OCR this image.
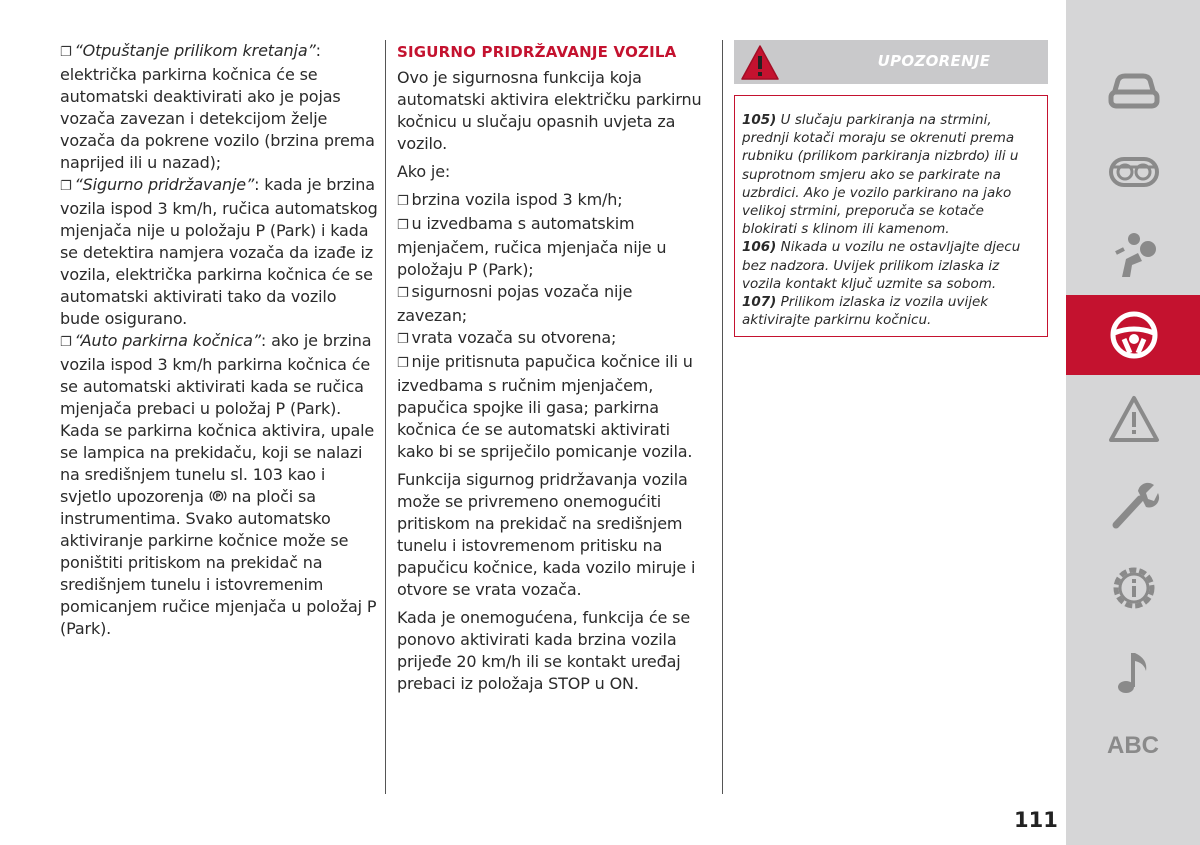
❐ “Otpuštanje prilikom kretanja”: električka parkirna kočnica će se automatski deaktivirati ako je pojas vozača zavezan i detekcijom želje vozača da pokrene vozilo (brzina prema naprijed ili u nazad);

❐ “Sigurno pridržavanje”: kada je brzina vozila ispod 3 km/h, ručica automatskog mjenjača nije u položaju P (Park) i kada se detektira namjera vozača da izađe iz vozila, električka parkirna kočnica će se automatski aktivirati tako da vozilo bude osigurano.

❐ “Auto parkirna kočnica”: ako je brzina vozila ispod 3 km/h parkirna kočnica će se automatski aktivirati kada se ručica mjenjača prebaci u položaj P (Park). Kada se parkirna kočnica aktivira, upale se lampica na prekidaču, koji se nalazi na središnjem tunelu sl. 103 kao i svjetlo upozorenja P na ploči sa instrumentima. Svako automatsko aktiviranje parkirne kočnice može se poništiti pritiskom na prekidač na središnjem tunelu i istovremenim pomicanjem ručice mjenjača u položaj P (Park).

SIGURNO PRIDRŽAVANJE VOZILA

Ovo je sigurnosna funkcija koja automatski aktivira električku parkirnu kočnicu u slučaju opasnih uvjeta za vozilo.

Ako je:

❐ brzina vozila ispod 3 km/h;

❐ u izvedbama s automatskim mjenjačem, ručica mjenjača nije u položaju P (Park);

❐ sigurnosni pojas vozača nije zavezan;

❐ vrata vozača su otvorena;

❐ nije pritisnuta papučica kočnice ili u izvedbama s ručnim mjenjačem, papučica spojke ili gasa; parkirna kočnica će se automatski aktivirati kako bi se spriječilo pomicanje vozila.

Funkcija sigurnog pridržavanja vozila može se privremeno onemogućiti pritiskom na prekidač na središnjem tunelu i istovremenom pritisku na papučicu kočnice, kada vozilo miruje i otvore se vrata vozača.

Kada je onemogućena, funkcija će se ponovo aktivirati kada brzina vozila prijeđe 20 km/h ili se kontakt uređaj prebaci iz položaja STOP u ON.

UPOZORENJE
105) U slučaju parkiranja na strmini, prednji kotači moraju se okrenuti prema rubniku (prilikom parkiranja nizbrdo) ili u suprotnom smjeru ako se parkirate na uzbrdici. Ako je vozilo parkirano na jako velikoj strmini, preporuča se kotače blokirati s klinom ili kamenom.
106) Nikada u vozilu ne ostavljajte djecu bez nadzora. Uvijek prilikom izlaska iz vozila kontakt ključ uzmite sa sobom.
107) Prilikom izlaska iz vozila uvijek aktivirajte parkirnu kočnicu.
ABC
111
